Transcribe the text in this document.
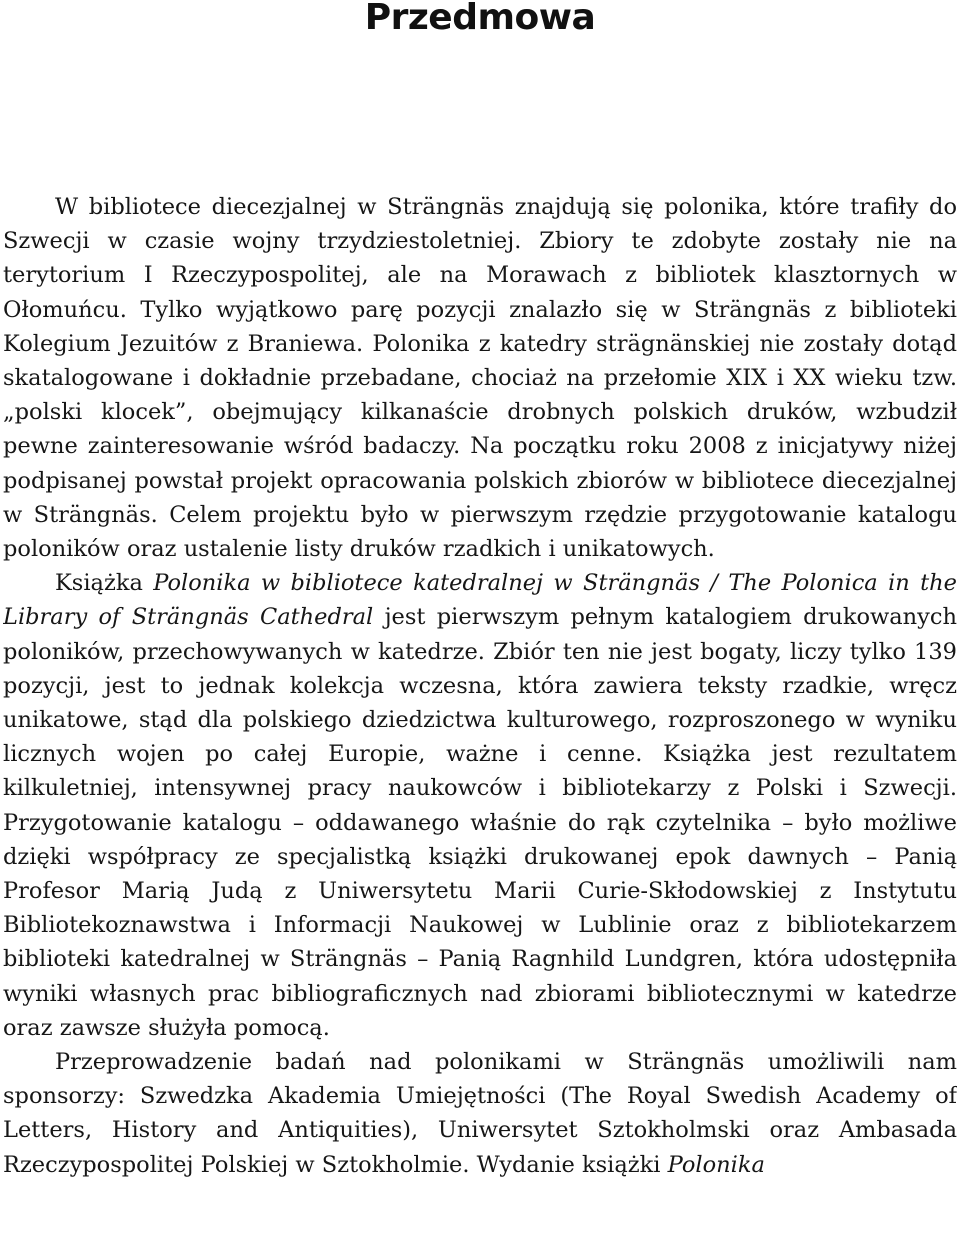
Przedmowa

W bibliotece diecezjalnej w Strängnäs znajdują się polonika, które trafiły do Szwecji w czasie wojny trzydziestoletniej. Zbiory te zdobyte zostały nie na terytorium I Rzeczypospolitej, ale na Morawach z bibliotek klasztornych w Ołomuńcu. Tylko wyjątkowo parę pozycji znalazło się w Strängnäs z biblioteki Kolegium Jezuitów z Braniewa. Polonika z katedry strägnänskiej nie zostały dotąd skatalogowane i dokładnie przebadane, chociaż na przełomie XIX i XX wieku tzw. „polski klocek”, obejmujący kilkanaście drobnych polskich druków, wzbudził pewne zainteresowanie wśród badaczy. Na początku roku 2008 z inicjatywy niżej podpisanej powstał projekt opracowania polskich zbiorów w bibliotece diecezjalnej w Strängnäs. Celem projektu było w pierwszym rzędzie przygotowanie katalogu poloników oraz ustalenie listy druków rzadkich i unikatowych.

Książka Polonika w bibliotece katedralnej w Strängnäs / The Polonica in the Library of Strängnäs Cathedral jest pierwszym pełnym katalogiem drukowanych poloników, przechowywanych w katedrze. Zbiór ten nie jest bogaty, liczy tylko 139 pozycji, jest to jednak kolekcja wczesna, która zawiera teksty rzadkie, wręcz unikatowe, stąd dla polskiego dziedzictwa kulturowego, rozproszonego w wyniku licznych wojen po całej Europie, ważne i cenne. Książka jest rezultatem kilkuletniej, intensywnej pracy naukowców i bibliotekarzy z Polski i Szwecji. Przygotowanie katalogu – oddawanego właśnie do rąk czytelnika – było możliwe dzięki współpracy ze specjalistką książki drukowanej epok dawnych – Panią Profesor Marią Judą z Uniwersytetu Marii Curie-Skłodowskiej z Instytutu Bibliotekoznawstwa i Informacji Naukowej w Lublinie oraz z bibliotekarzem biblioteki katedralnej w Strängnäs – Panią Ragnhild Lundgren, która udostępniła wyniki własnych prac bibliograficznych nad zbiorami bibliotecznymi w katedrze oraz zawsze służyła pomocą.

Przeprowadzenie badań nad polonikami w Strängnäs umożliwili nam sponsorzy: Szwedzka Akademia Umiejętności (The Royal Swedish Academy of Letters, History and Antiquities), Uniwersytet Sztokholmski oraz Ambasada Rzeczypospolitej Polskiej w Sztokholmie. Wydanie książki Polonika
